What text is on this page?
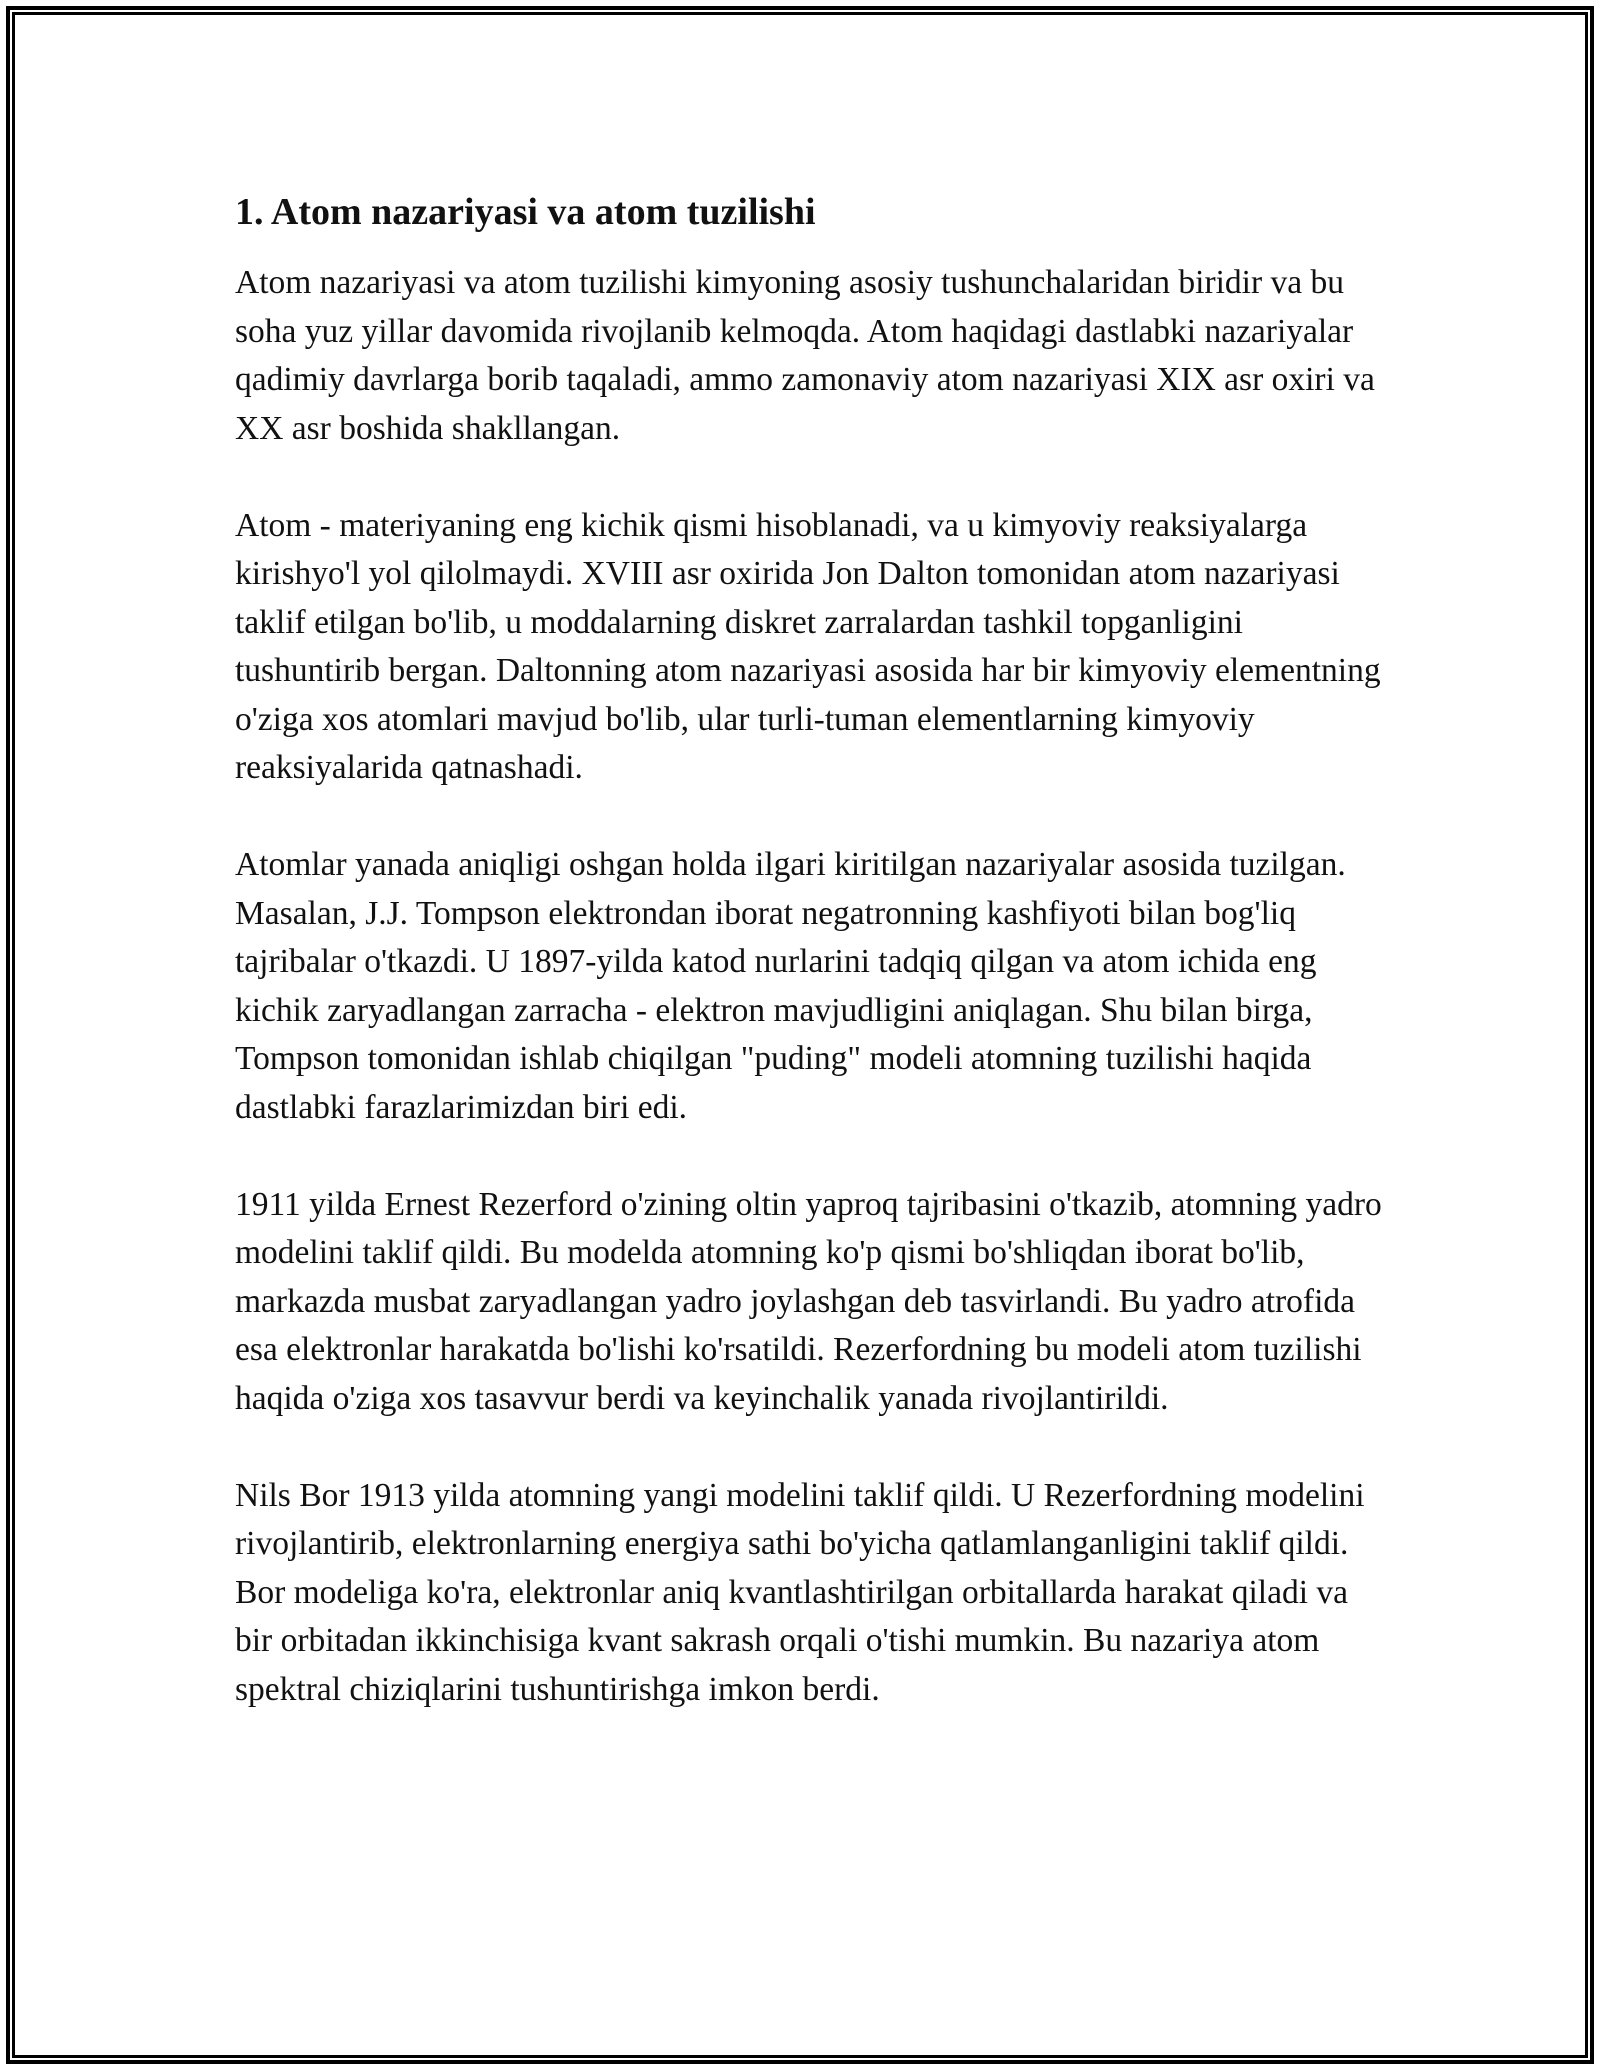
1. Atom nazariyasi va atom tuzilishi

Atom nazariyasi va atom tuzilishi kimyoning asosiy tushunchalaridan biridir va bu soha yuz yillar davomida rivojlanib kelmoqda. Atom haqidagi dastlabki nazariyalar qadimiy davrlarga borib taqaladi, ammo zamonaviy atom nazariyasi XIX asr oxiri va XX asr boshida shakllangan.

Atom - materiyaning eng kichik qismi hisoblanadi, va u kimyoviy reaksiyalarga kirishyo'l yol qilolmaydi. XVIII asr oxirida Jon Dalton tomonidan atom nazariyasi taklif etilgan bo'lib, u moddalarning diskret zarralardan tashkil topganligini tushuntirib bergan. Daltonning atom nazariyasi asosida har bir kimyoviy elementning o'ziga xos atomlari mavjud bo'lib, ular turli-tuman elementlarning kimyoviy reaksiyalarida qatnashadi.

Atomlar yanada aniqligi oshgan holda ilgari kiritilgan nazariyalar asosida tuzilgan. Masalan, J.J. Tompson elektrondan iborat negatronning kashfiyoti bilan bog'liq tajribalar o'tkazdi. U 1897-yilda katod nurlarini tadqiq qilgan va atom ichida eng kichik zaryadlangan zarracha - elektron mavjudligini aniqlagan. Shu bilan birga, Tompson tomonidan ishlab chiqilgan "puding" modeli atomning tuzilishi haqida dastlabki farazlarimizdan biri edi.

1911 yilda Ernest Rezerford o'zining oltin yaproq tajribasini o'tkazib, atomning yadro modelini taklif qildi. Bu modelda atomning ko'p qismi bo'shliqdan iborat bo'lib, markazda musbat zaryadlangan yadro joylashgan deb tasvirlandi. Bu yadro atrofida esa elektronlar harakatda bo'lishi ko'rsatildi. Rezerfordning bu modeli atom tuzilishi haqida o'ziga xos tasavvur berdi va keyinchalik yanada rivojlantirildi.

Nils Bor 1913 yilda atomning yangi modelini taklif qildi. U Rezerfordning modelini rivojlantirib, elektronlarning energiya sathi bo'yicha qatlamlanganligini taklif qildi. Bor modeliga ko'ra, elektronlar aniq kvantlashtirilgan orbitallarda harakat qiladi va bir orbitadan ikkinchisiga kvant sakrash orqali o'tishi mumkin. Bu nazariya atom spektral chiziqlarini tushuntirishga imkon berdi.
